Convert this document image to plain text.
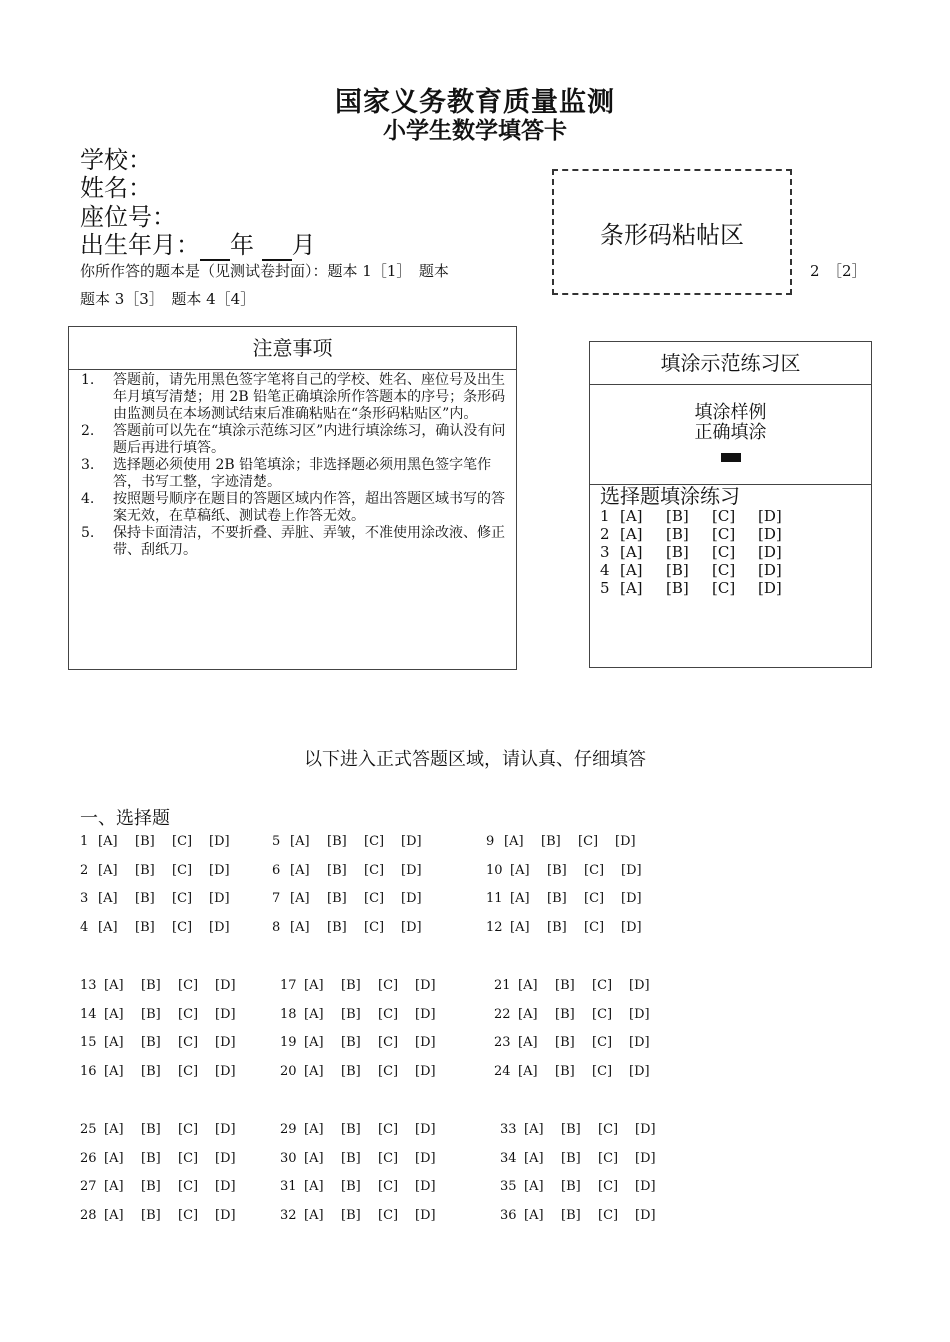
国家义务教育质量监测
小学生数学填答卡
学校：
姓名：
座位号：
出生年月： 年 月
你所作答的题本是（见测试卷封面）：题本 1［1］　题本	2　［2］
题本 3［3］　题本 4［4］
条形码粘帖区
注意事项
1.	答题前，请先用黑色签字笔将自己的学校、姓名、座位号及出生年月填写清楚；用 2B 铅笔正确填涂所作答题本的序号；条形码由监测员在本场测试结束后准确粘贴在“条形码粘贴区”内。
2.	答题前可以先在“填涂示范练习区”内进行填涂练习，确认没有问题后再进行填答。
3.	选择题必须使用 2B 铅笔填涂；非选择题必须用黑色签字笔作答，书写工整，字迹清楚。
4.	按照题号顺序在题目的答题区域内作答，超出答题区域书写的答案无效，在草稿纸、测试卷上作答无效。
5.	保持卡面清洁，不要折叠、弄脏、弄皱，不准使用涂改液、修正带、刮纸刀。
填涂示范练习区
填涂样例
正确填涂
选择题填涂练习
1 [A] [B] [C] [D]
2 [A] [B] [C] [D]
3 [A] [B] [C] [D]
4 [A] [B] [C] [D]
5 [A] [B] [C] [D]
以下进入正式答题区域，请认真、仔细填答
一、选择题
1 [A] [B] [C] [D]
2 [A] [B] [C] [D]
3 [A] [B] [C] [D]
4 [A] [B] [C] [D]
5 [A] [B] [C] [D]
6 [A] [B] [C] [D]
7 [A] [B] [C] [D]
8 [A] [B] [C] [D]
9 [A] [B] [C] [D]
10 [A] [B] [C] [D]
11 [A] [B] [C] [D]
12 [A] [B] [C] [D]
13 [A] [B] [C] [D]
14 [A] [B] [C] [D]
15 [A] [B] [C] [D]
16 [A] [B] [C] [D]
17 [A] [B] [C] [D]
18 [A] [B] [C] [D]
19 [A] [B] [C] [D]
20 [A] [B] [C] [D]
21 [A] [B] [C] [D]
22 [A] [B] [C] [D]
23 [A] [B] [C] [D]
24 [A] [B] [C] [D]
25 [A] [B] [C] [D]
26 [A] [B] [C] [D]
27 [A] [B] [C] [D]
28 [A] [B] [C] [D]
29 [A] [B] [C] [D]
30 [A] [B] [C] [D]
31 [A] [B] [C] [D]
32 [A] [B] [C] [D]
33 [A] [B] [C] [D]
34 [A] [B] [C] [D]
35 [A] [B] [C] [D]
36 [A] [B] [C] [D]
